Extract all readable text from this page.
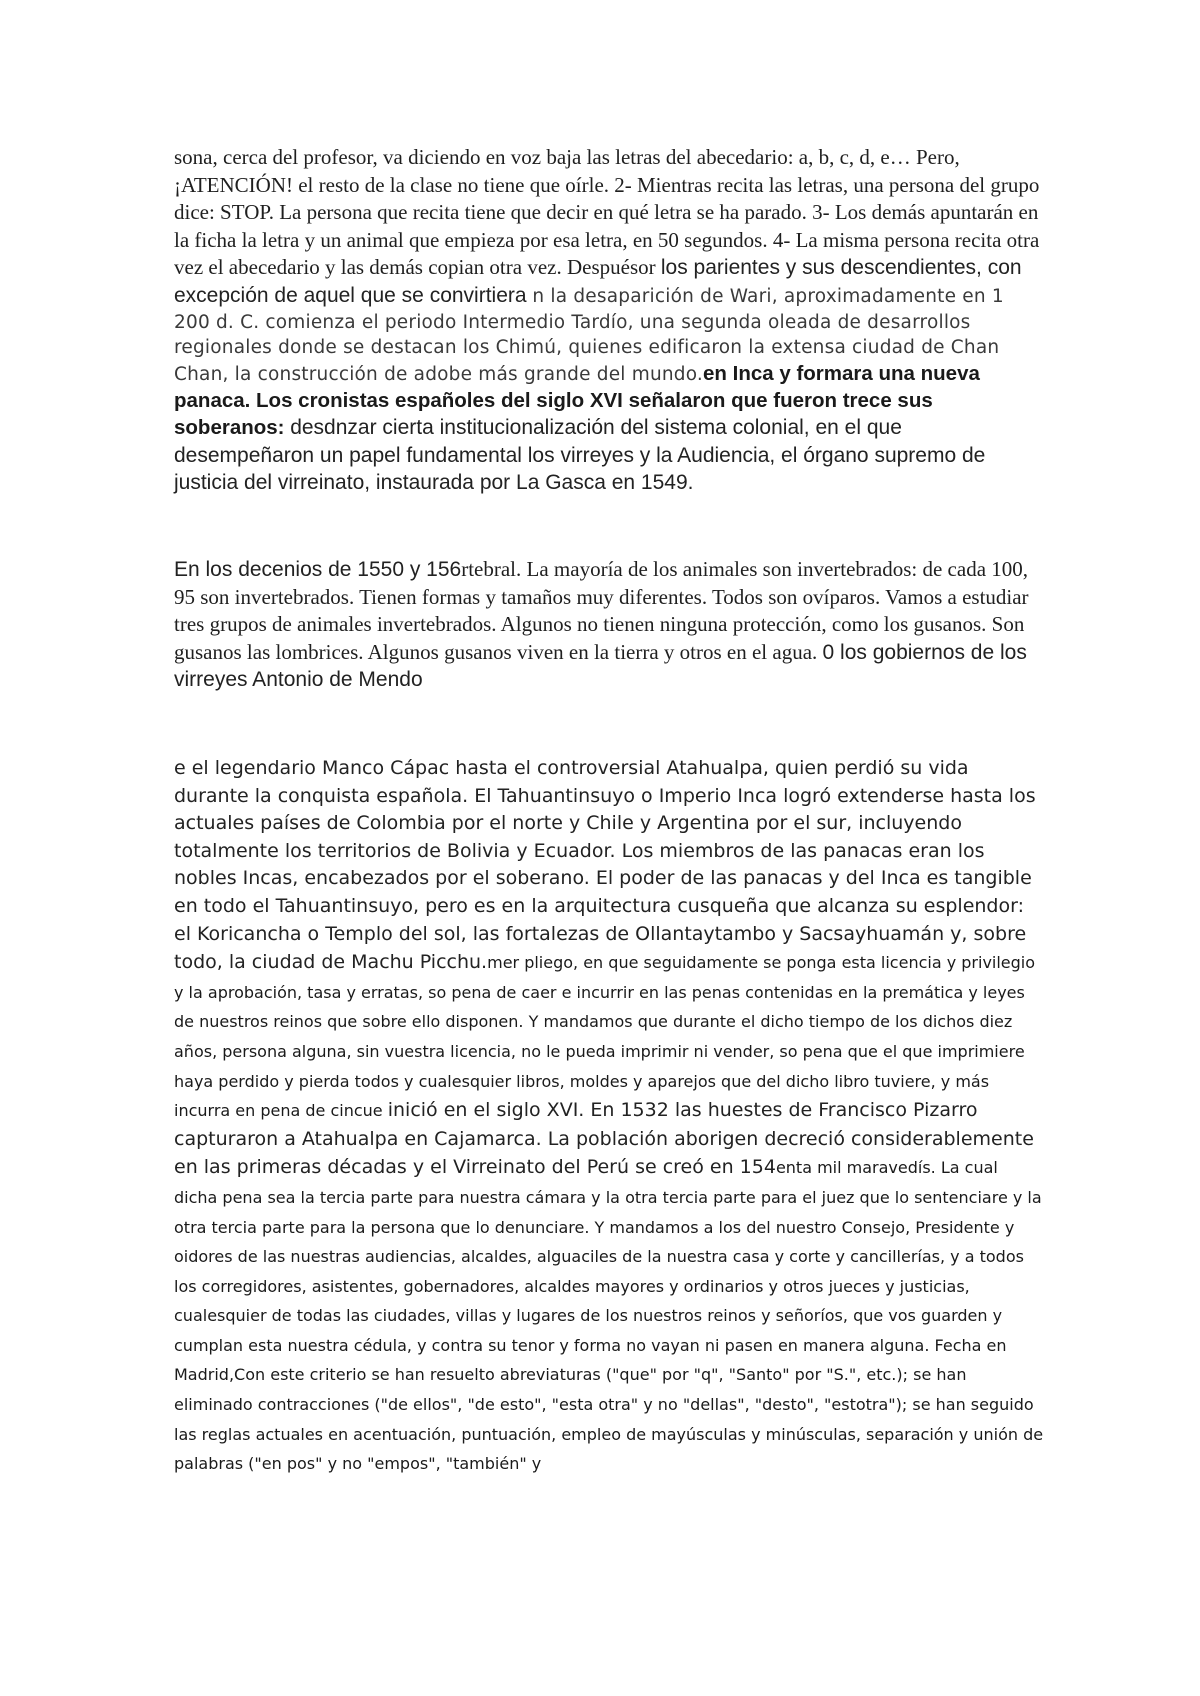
sona, cerca del profesor, va diciendo en voz baja las letras del abecedario: a, b, c, d, e… Pero, ¡ATENCIÓN! el resto de la clase no tiene que oírle. 2- Mientras recita las letras, una persona del grupo dice: STOP. La persona que recita tiene que decir en qué letra se ha parado. 3- Los demás apuntarán en la ficha la letra y un animal que empieza por esa letra, en 50 segundos. 4- La misma persona recita otra vez el abecedario y las demás copian otra vez. Despuésor los parientes y sus descendientes, con excepción de aquel que se convirtiera n la desaparición de Wari, aproximadamente en 1 200 d. C. comienza el periodo Intermedio Tardío, una segunda oleada de desarrollos regionales donde se destacan los Chimú, quienes edificaron la extensa ciudad de Chan Chan, la construcción de adobe más grande del mundo.en Inca y formara una nueva panaca. Los cronistas españoles del siglo XVI señalaron que fueron trece sus soberanos: desdnzar cierta institucionalización del sistema colonial, en el que desempeñaron un papel fundamental los virreyes y la Audiencia, el órgano supremo de justicia del virreinato, instaurada por La Gasca en 1549.

En los decenios de 1550 y 156rtebral. La mayoría de los animales son invertebrados: de cada 100, 95 son invertebrados. Tienen formas y tamaños muy diferentes. Todos son ovíparos. Vamos a estudiar tres grupos de animales invertebrados. Algunos no tienen ninguna protección, como los gusanos. Son gusanos las lombrices. Algunos gusanos viven en la tierra y otros en el agua. 0 los gobiernos de los virreyes Antonio de Mendo

e el legendario Manco Cápac hasta el controversial Atahualpa, quien perdió su vida durante la conquista española. El Tahuantinsuyo o Imperio Inca logró extenderse hasta los actuales países de Colombia por el norte y Chile y Argentina por el sur, incluyendo totalmente los territorios de Bolivia y Ecuador. Los miembros de las panacas eran los nobles Incas, encabezados por el soberano. El poder de las panacas y del Inca es tangible en todo el Tahuantinsuyo, pero es en la arquitectura cusqueña que alcanza su esplendor: el Koricancha o Templo del sol, las fortalezas de Ollantaytambo y Sacsayhuamán y, sobre todo, la ciudad de Machu Picchu.mer pliego, en que seguidamente se ponga esta licencia y privilegio y la aprobación, tasa y erratas, so pena de caer e incurrir en las penas contenidas en la premática y leyes de nuestros reinos que sobre ello disponen. Y mandamos que durante el dicho tiempo de los dichos diez años, persona alguna, sin vuestra licencia, no le pueda imprimir ni vender, so pena que el que imprimiere haya perdido y pierda todos y cualesquier libros, moldes y aparejos que del dicho libro tuviere, y más incurra en pena de cincue inició en el siglo XVI. En 1532 las huestes de Francisco Pizarro capturaron a Atahualpa en Cajamarca. La población aborigen decreció considerablemente en las primeras décadas y el Virreinato del Perú se creó en 154enta mil maravedís. La cual dicha pena sea la tercia parte para nuestra cámara y la otra tercia parte para el juez que lo sentenciare y la otra tercia parte para la persona que lo denunciare. Y mandamos a los del nuestro Consejo, Presidente y oidores de las nuestras audiencias, alcaldes, alguaciles de la nuestra casa y corte y cancillerías, y a todos los corregidores, asistentes, gobernadores, alcaldes mayores y ordinarios y otros jueces y justicias, cualesquier de todas las ciudades, villas y lugares de los nuestros reinos y señoríos, que vos guarden y cumplan esta nuestra cédula, y contra su tenor y forma no vayan ni pasen en manera alguna. Fecha en Madrid,Con este criterio se han resuelto abreviaturas ("que" por "q", "Santo" por "S.", etc.); se han eliminado contracciones ("de ellos", "de esto", "esta otra" y no "dellas", "desto", "estotra"); se han seguido las reglas actuales en acentuación, puntuación, empleo de mayúsculas y minúsculas, separación y unión de palabras ("en pos" y no "empos", "también" y
